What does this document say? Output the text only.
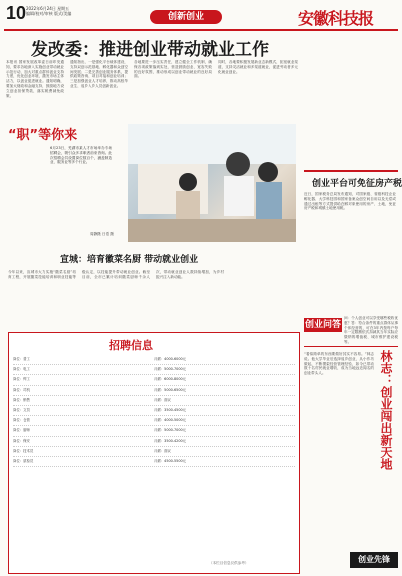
10 2022年6月24日 星期五
编辑/校对/审核 版式/美编	创新创业	安徽科技报
发改委：推进创业带动就业工作
本报讯 国家发展改革委日前印发通知，要求各地深入实施创业带动就业示范行动，加大对重点群体创业支持力度，优化创业环境，激发市场主体活力，以创业促进就业。通知明确，要加大财政和金融支持，鼓励地方设立创业担保贷款，落实税费减免政策。
通知指出，一是强化平台载体建设，支持双创示范基地、孵化器和众创空间发展；二是完善创业服务体系，提供政策咨询、项目对接和创业培训；三是加强创业人才培养，推动高校毕业生、返乡入乡人员创新创业。
各地要进一步压实责任，建立健全工作机制，确保各项政策落到实处，营造鼓励创业、宽容失败的良好氛围，推动形成以创业带动就业的良好局面。
同时，各地要积极发展新业态新模式，拓宽就业渠道，支持灵活就业和多渠道就业，促进劳动者多元化就业创业。
“职”等你来
6月23日，芜湖市某人才市场举办专场招聘会，吸引众多求职者前来咨询。此次招聘会共设置岗位数百个，涵盖制造业、服务业等多个行业。
周静摄 日语 摄
宣城：培育徽菜名厨 带动就业创业
今年以来，宣城市大力实施“徽菜名厨”培育工程，开展徽菜技能培训和职业技能等级认定，以技能提升带动就业创业。截至目前，全市已累计培训徽菜厨师千余人次，带动就业创业人数持续增加，为乡村振兴注入新动能。
招聘信息
岗位：普工	月薪：4000-6000元
岗位：电工	月薪：5000-7000元
岗位：焊工	月薪：6000-8000元
岗位：司机	月薪：5000-6500元
岗位：销售	月薪：面议
岗位：文员	月薪：3500-4500元
岗位：仓管	月薪：4000-5000元
岗位：厨师	月薪：5000-7000元
岗位：保安	月薪：3500-4200元
岗位：技术员	月薪：面议
岗位：质检员	月薪：4500-5500元
（本栏目信息仅供参考）
创业平台可免征房产税
近日，国家税务总局发布通知，对国家级、省级科技企业孵化器、大学科技园和国家备案众创空间自用以及无偿或通过出租等方式提供给在孵对象使用的房产、土地，免征房产税和城镇土地使用税。
创业问答
问：个人创业可以享受哪些税收优惠？答：符合条件的重点群体从事个体经营的，可在3年内按每户每年一定限额依次扣减其当年实际应缴纳的增值税、城市维护建设税等。
林志：创业闯出新天地
“看似简单的东西要做好其实不容易。”林志说。他大学毕业后选择返乡创业，从小作坊做起，不断摸索经营管理经验，如今已带动数十名村民就业增收，成为当地远近闻名的创业带头人。
创业先锋
